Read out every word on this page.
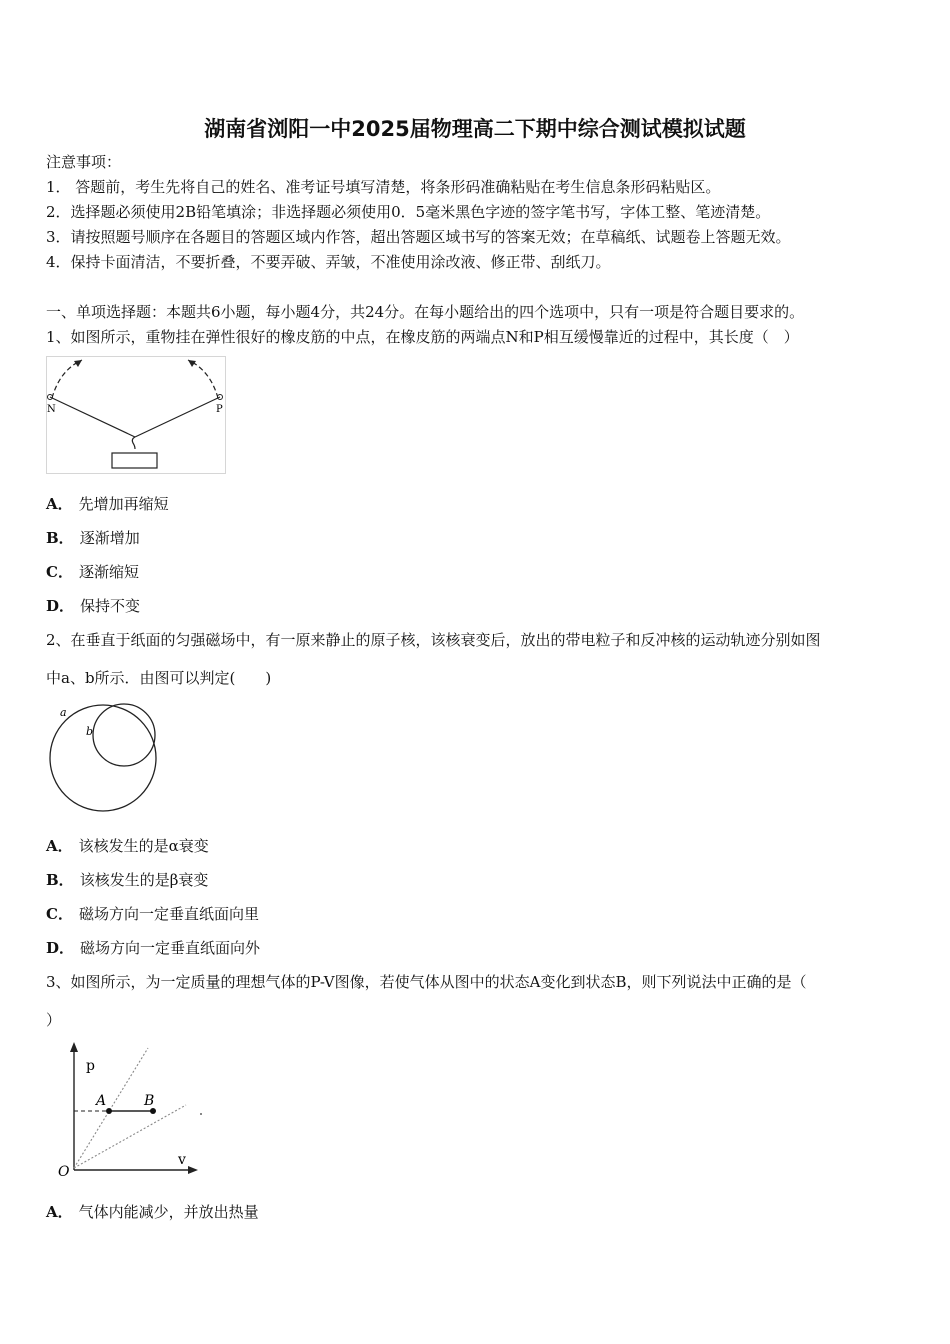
湖南省浏阳一中2025届物理高二下期中综合测试模拟试题
注意事项：
1． 答题前，考生先将自己的姓名、准考证号填写清楚，将条形码准确粘贴在考生信息条形码粘贴区。
2．选择题必须使用2B铅笔填涂；非选择题必须使用0．5毫米黑色字迹的签字笔书写，字体工整、笔迹清楚。
3．请按照题号顺序在各题目的答题区域内作答，超出答题区域书写的答案无效；在草稿纸、试题卷上答题无效。
4．保持卡面清洁，不要折叠，不要弄破、弄皱，不准使用涂改液、修正带、刮纸刀。
一、单项选择题：本题共6小题，每小题4分，共24分。在每小题给出的四个选项中，只有一项是符合题目要求的。
1、如图所示，重物挂在弹性很好的橡皮筋的中点，在橡皮筋的两端点N和P相互缓慢靠近的过程中，其长度（　）
N	P
A． 先增加再缩短
B． 逐渐增加
C． 逐渐缩短
D． 保持不变
2、在垂直于纸面的匀强磁场中，有一原来静止的原子核，该核衰变后，放出的带电粒子和反冲核的运动轨迹分别如图
中a、b所示．由图可以判定(　　)
a
b
A． 该核发生的是α衰变
B． 该核发生的是β衰变
C． 磁场方向一定垂直纸面向里
D． 磁场方向一定垂直纸面向外
3、如图所示，为一定质量的理想气体的P-V图像，若使气体从图中的状态A变化到状态B，则下列说法中正确的是（
）
p
v
O
A	B
A． 气体内能减少，并放出热量
